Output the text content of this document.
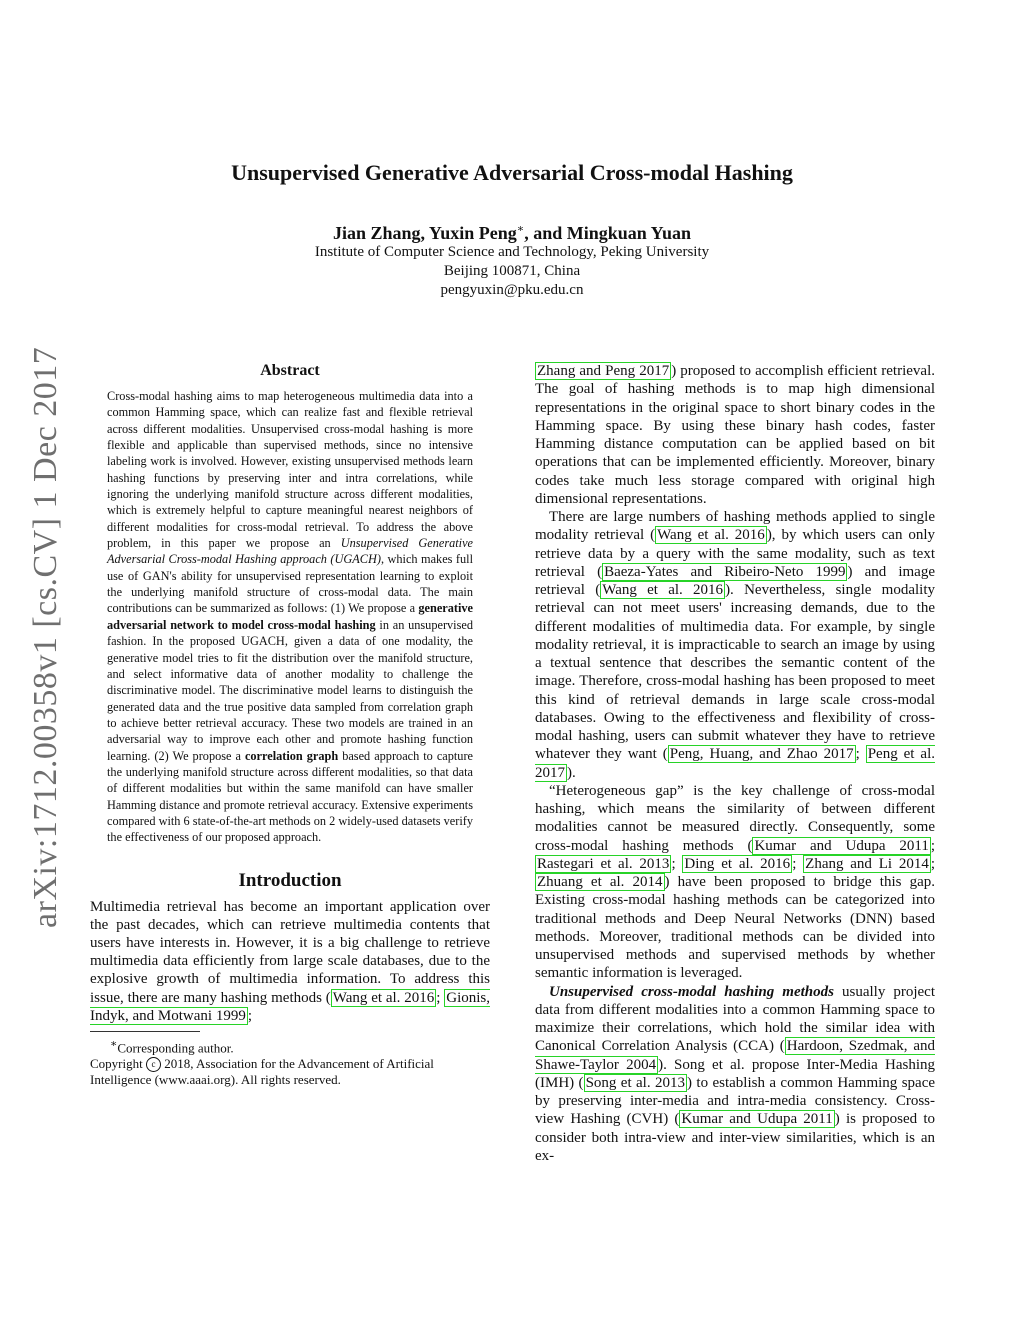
Unsupervised Generative Adversarial Cross-modal Hashing
Jian Zhang, Yuxin Peng∗, and Mingkuan Yuan
Institute of Computer Science and Technology, Peking University
Beijing 100871, China
pengyuxin@pku.edu.cn
arXiv:1712.00358v1 [cs.CV] 1 Dec 2017	Abstract
Cross-modal hashing aims to map heterogeneous multimedia data into a common Hamming space, which can realize fast and flexible retrieval across different modalities. Unsupervised cross-modal hashing is more flexible and applicable than supervised methods, since no intensive labeling work is involved. However, existing unsupervised methods learn hashing functions by preserving inter and intra correlations, while ignoring the underlying manifold structure across different modalities, which is extremely helpful to capture meaningful nearest neighbors of different modalities for cross-modal retrieval. To address the above problem, in this paper we propose an Unsupervised Generative Adversarial Cross-modal Hashing approach (UGACH), which makes full use of GAN's ability for unsupervised representation learning to exploit the underlying manifold structure of cross-modal data. The main contributions can be summarized as follows: (1) We propose a generative adversarial network to model cross-modal hashing in an unsupervised fashion. In the proposed UGACH, given a data of one modality, the generative model tries to fit the distribution over the manifold structure, and select informative data of another modality to challenge the discriminative model. The discriminative model learns to distinguish the generated data and the true positive data sampled from correlation graph to achieve better retrieval accuracy. These two models are trained in an adversarial way to improve each other and promote hashing function learning. (2) We propose a correlation graph based approach to capture the underlying manifold structure across different modalities, so that data of different modalities but within the same manifold can have smaller Hamming distance and promote retrieval accuracy. Extensive experiments compared with 6 state-of-the-art methods on 2 widely-used datasets verify the effectiveness of our proposed approach.
Introduction
Multimedia retrieval has become an important application over the past decades, which can retrieve multimedia contents that users have interests in. However, it is a big challenge to retrieve multimedia data efficiently from large scale databases, due to the explosive growth of multimedia information. To address this issue, there are many hashing methods ( Wang et al. 2016 ; Gionis, Indyk, and Motwani 1999 ;
∗Corresponding author.
Copyright c 2018, Association for the Advancement of Artificial Intelligence (www.aaai.org). All rights reserved.

Zhang and Peng 2017 ) proposed to accomplish efficient retrieval. The goal of hashing methods is to map high dimensional representations in the original space to short binary codes in the Hamming space. By using these binary hash codes, faster Hamming distance computation can be applied based on bit operations that can be implemented efficiently. Moreover, binary codes take much less storage compared with original high dimensional representations.

There are large numbers of hashing methods applied to single modality retrieval ( Wang et al. 2016 ), by which users can only retrieve data by a query with the same modality, such as text retrieval ( Baeza-Yates and Ribeiro-Neto 1999 ) and image retrieval ( Wang et al. 2016 ). Nevertheless, single modality retrieval can not meet users' increasing demands, due to the different modalities of multimedia data. For example, by single modality retrieval, it is impracticable to search an image by using a textual sentence that describes the semantic content of the image. Therefore, cross-modal hashing has been proposed to meet this kind of retrieval demands in large scale cross-modal databases. Owing to the effectiveness and flexibility of cross-modal hashing, users can submit whatever they have to retrieve whatever they want ( Peng, Huang, and Zhao 2017 ; Peng et al. 2017 ).

“Heterogeneous gap” is the key challenge of cross-modal hashing, which means the similarity of between different modalities cannot be measured directly. Consequently, some cross-modal hashing methods ( Kumar and Udupa 2011 ; Rastegari et al. 2013 ; Ding et al. 2016 ; Zhang and Li 2014 ; Zhuang et al. 2014 ) have been proposed to bridge this gap. Existing cross-modal hashing methods can be categorized into traditional methods and Deep Neural Networks (DNN) based methods. Moreover, traditional methods can be divided into unsupervised methods and supervised methods by whether semantic information is leveraged.

Unsupervised cross-modal hashing methods usually project data from different modalities into a common Hamming space to maximize their correlations, which hold the similar idea with Canonical Correlation Analysis (CCA) ( Hardoon, Szedmak, and Shawe-Taylor 2004 ). Song et al. propose Inter-Media Hashing (IMH) ( Song et al. 2013 ) to establish a common Hamming space by preserving inter-media and intra-media consistency. Cross-view Hashing (CVH) ( Kumar and Udupa 2011 ) is proposed to consider both intra-view and inter-view similarities, which is an ex-
